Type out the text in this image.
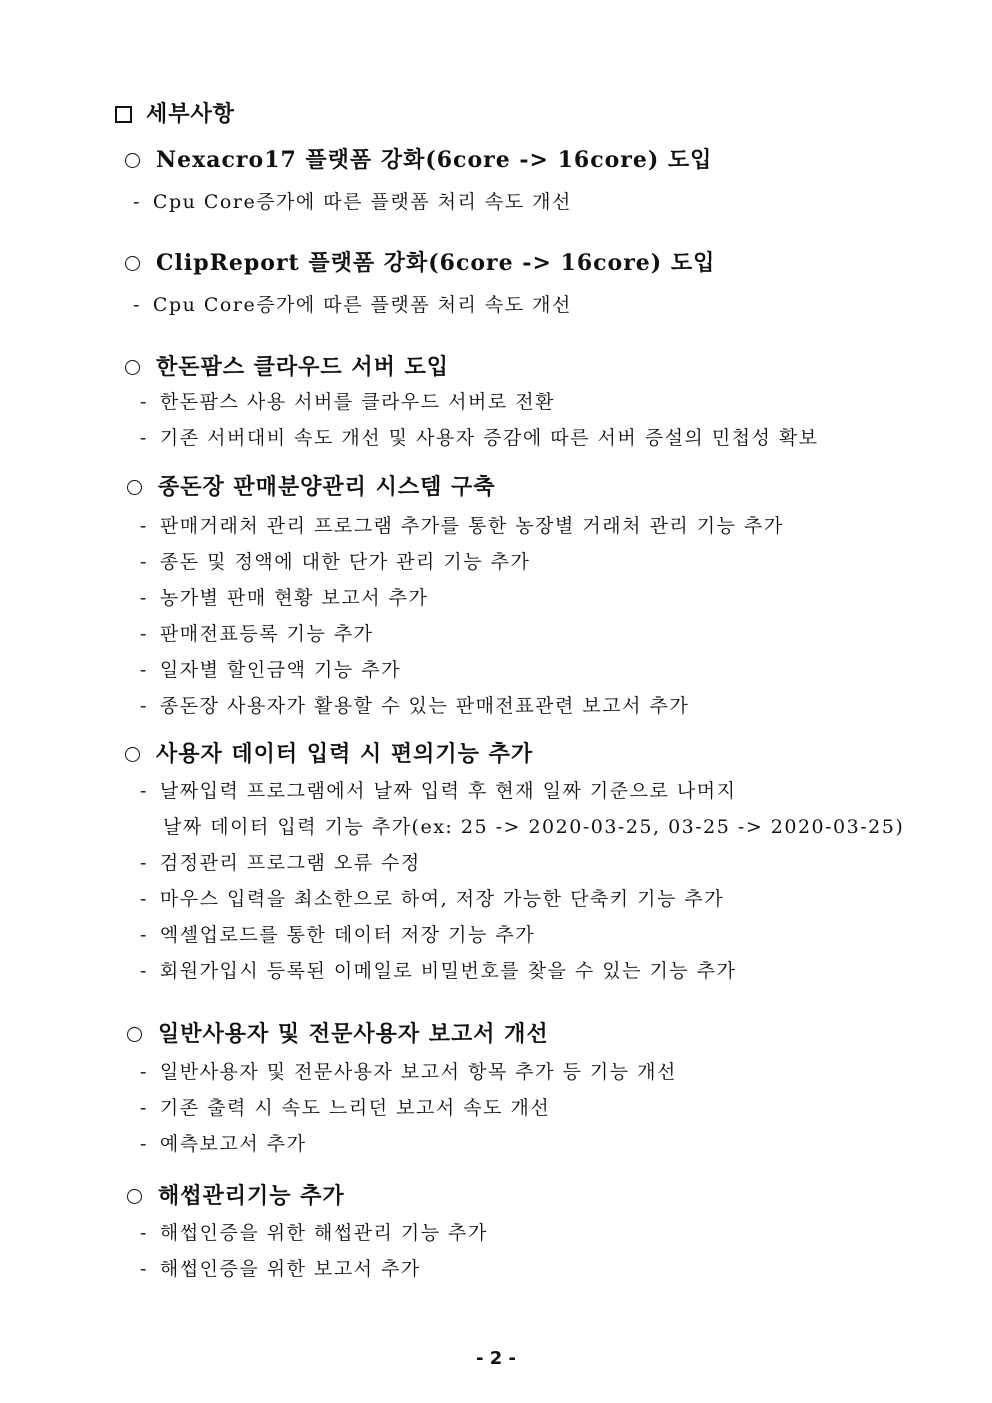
세부사항
Nexacro17 플랫폼 강화(6core -> 16core) 도입
- Cpu Core증가에 따른 플랫폼 처리 속도 개선
ClipReport 플랫폼 강화(6core -> 16core) 도입
- Cpu Core증가에 따른 플랫폼 처리 속도 개선
한돈팜스 클라우드 서버 도입
- 한돈팜스 사용 서버를 클라우드 서버로 전환
- 기존 서버대비 속도 개선 및 사용자 증감에 따른 서버 증설의 민첩성 확보
종돈장 판매분양관리 시스템 구축
- 판매거래처 관리 프로그램 추가를 통한 농장별 거래처 관리 기능 추가
- 종돈 및 정액에 대한 단가 관리 기능 추가
- 농가별 판매 현황 보고서 추가
- 판매전표등록 기능 추가
- 일자별 할인금액 기능 추가
- 종돈장 사용자가 활용할 수 있는 판매전표관련 보고서 추가
사용자 데이터 입력 시 편의기능 추가
- 날짜입력 프로그램에서 날짜 입력 후 현재 일짜 기준으로 나머지
날짜 데이터 입력 기능 추가(ex: 25 -> 2020-03-25, 03-25 -> 2020-03-25)
- 검정관리 프로그램 오류 수정
- 마우스 입력을 최소한으로 하여, 저장 가능한 단축키 기능 추가
- 엑셀업로드를 통한 데이터 저장 기능 추가
- 회원가입시 등록된 이메일로 비밀번호를 찾을 수 있는 기능 추가
일반사용자 및 전문사용자 보고서 개선
- 일반사용자 및 전문사용자 보고서 항목 추가 등 기능 개선
- 기존 출력 시 속도 느리던 보고서 속도 개선
- 예측보고서 추가
해썹관리기능 추가
- 해썹인증을 위한 해썹관리 기능 추가
- 해썹인증을 위한 보고서 추가
- 2 -
